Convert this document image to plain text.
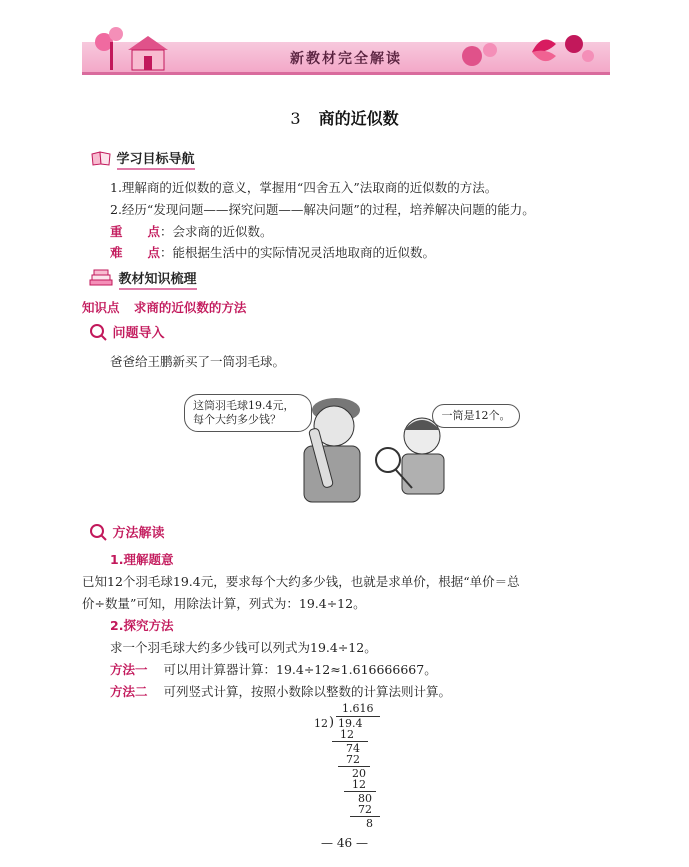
新教材完全解读
3 商的近似数
学习目标导航
1.理解商的近似数的意义，掌握用“四舍五入”法取商的近似数的方法。
2.经历“发现问题——探究问题——解决问题”的过程，培养解决问题的能力。
重　　点：会求商的近似数。
难　　点：能根据生活中的实际情况灵活地取商的近似数。
教材知识梳理
知识点 求商的近似数的方法
问题导入
爸爸给王鹏新买了一筒羽毛球。
这筒羽毛球19.4元，
每个大约多少钱？	一筒是12个。
方法解读
1.理解题意
已知12个羽毛球19.4元，要求每个大约多少钱，也就是求单价，根据“单价＝总
价÷数量”可知，用除法计算，列式为：19.4÷12。
2.探究方法
求一个羽毛球大约多少钱可以列式为19.4÷12。
方法一 可以用计算器计算：19.4÷12≈1.616666667。
方法二 可列竖式计算，按照小数除以整数的计算法则计算。
1.616
12 ) 19.4
12
74
72
20
12
80
72
8
— 46 —
